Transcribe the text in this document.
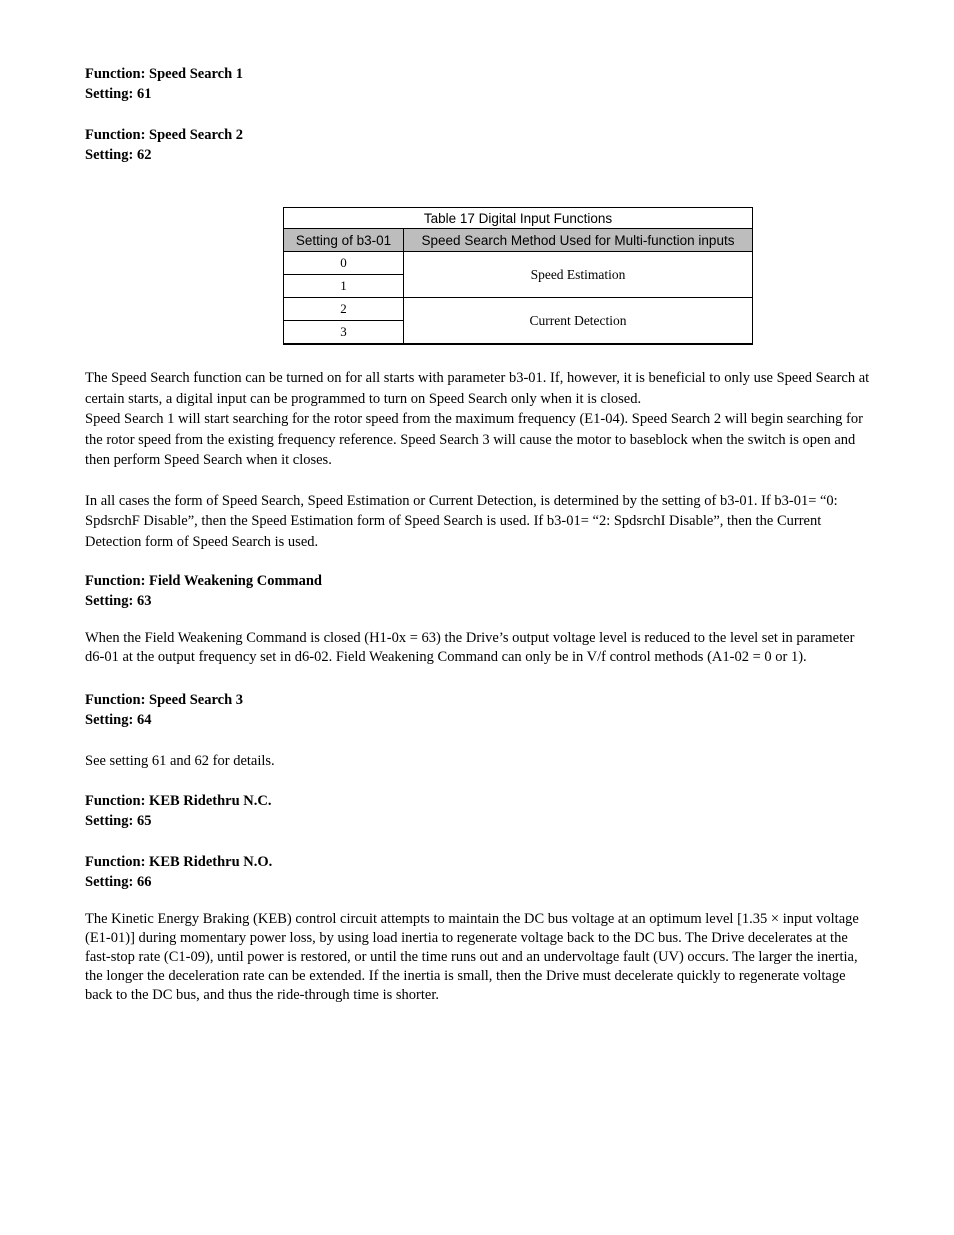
Function: Speed Search 1
Setting: 61
Function: Speed Search 2
Setting: 62
Table 17 Digital Input Functions	
Setting of b3-01	Speed Search Method Used for Multi-function inputs
0	Speed Estimation
1	
2	Current Detection
3	

The Speed Search function can be turned on for all starts with parameter b3-01. If, however, it is beneficial to only use Speed Search at certain starts, a digital input can be programmed to turn on Speed Search only when it is closed.

Speed Search 1 will start searching for the rotor speed from the maximum frequency (E1-04). Speed Search 2 will begin searching for the rotor speed from the existing frequency reference. Speed Search 3 will cause the motor to baseblock when the switch is open and then perform Speed Search when it closes.

In all cases the form of Speed Search, Speed Estimation or Current Detection, is determined by the setting of b3-01. If b3-01= “0: SpdsrchF Disable”, then the Speed Estimation form of Speed Search is used. If b3-01= “2: SpdsrchI Disable”, then the Current Detection form of Speed Search is used.

Function: Field Weakening Command
Setting: 63

When the Field Weakening Command is closed (H1-0x = 63) the Drive’s output voltage level is reduced to the level set in parameter d6-01 at the output frequency set in d6-02. Field Weakening Command can only be in V/f control methods (A1-02 = 0 or 1).

Function: Speed Search 3
Setting: 64

See setting 61 and 62 for details.

Function: KEB Ridethru N.C.
Setting: 65
Function: KEB Ridethru N.O.
Setting: 66

The Kinetic Energy Braking (KEB) control circuit attempts to maintain the DC bus voltage at an optimum level [1.35 × input voltage (E1-01)] during momentary power loss, by using load inertia to regenerate voltage back to the DC bus. The Drive decelerates at the fast-stop rate (C1-09), until power is restored, or until the time runs out and an undervoltage fault (UV) occurs. The larger the inertia, the longer the deceleration rate can be extended. If the inertia is small, then the Drive must decelerate quickly to regenerate voltage back to the DC bus, and thus the ride-through time is shorter.
